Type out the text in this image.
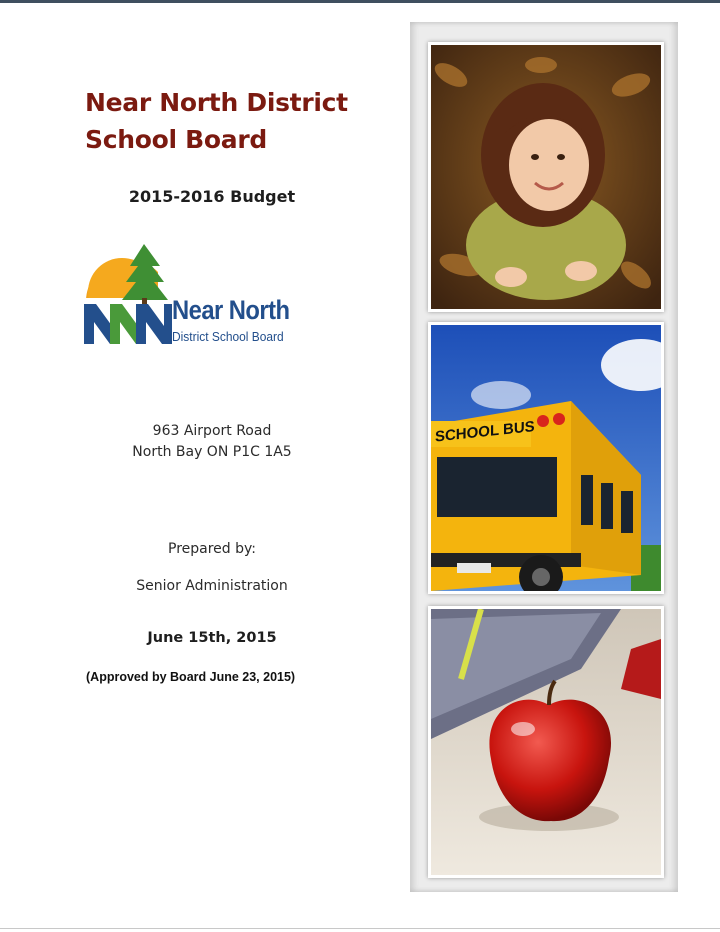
Near North District
School Board
2015-2016 Budget
Near North
District School Board
963 Airport Road
North Bay ON P1C 1A5
Prepared by:
Senior Administration
June 15th, 2015
(Approved by Board June 23, 2015)
SCHOOL BUS
